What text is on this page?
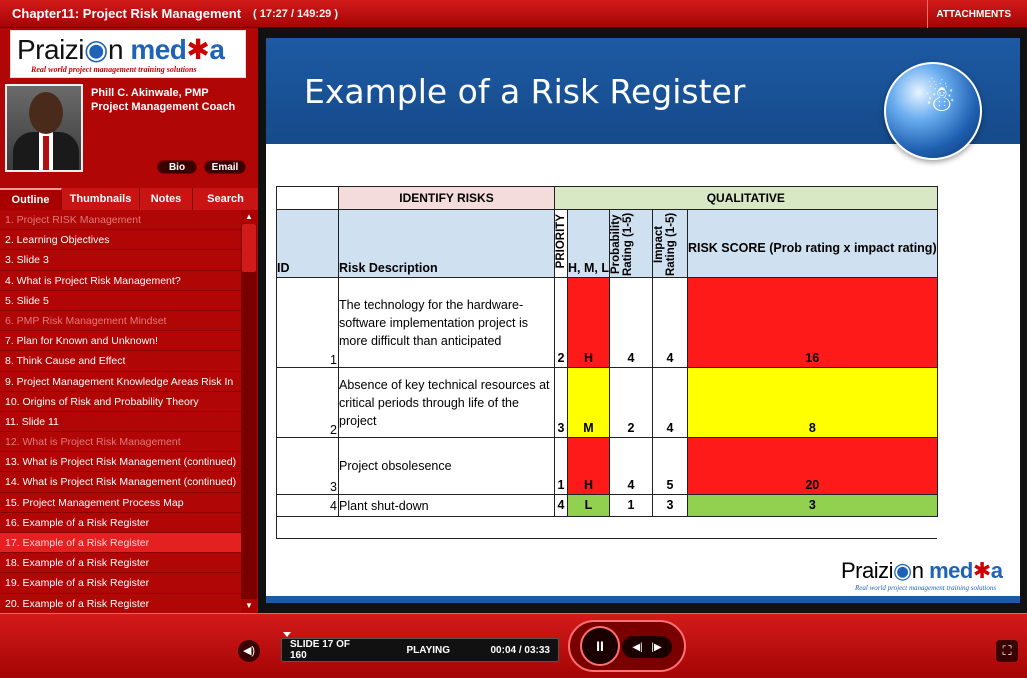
Chapter11: Project Risk Management ( 17:27 / 149:29 )	ATTACHMENTS
Praizi◉n med✱a
Real world project management training solutions
Phill C. Akinwale, PMP
Project Management Coach
Bio	Email
Outline	Thumbnails	Notes	Search
1. Project RISK Management
2. Learning Objectives
3. Slide 3
4. What is Project Risk Management?
5. Slide 5
6. PMP Risk Management Mindset
7. Plan for Known and Unknown!
8. Think Cause and Effect
9. Project Management Knowledge Areas Risk In
10. Origins of Risk and Probability Theory
11. Slide 11
12. What is Project Risk Management
13. What is Project Risk Management (continued)
14. What is Project Risk Management (continued)
15. Project Management Process Map
16. Example of a Risk Register
17. Example of a Risk Register
18. Example of a Risk Register
19. Example of a Risk Register
20. Example of a Risk Register
▲
▼
Example of a Risk Register	☃
	IDENTIFY RISKS	QUALITATIVE				
ID	Risk Description	PRIORITY	H, M, L	Probability Rating (1-5)	Impact Rating (1-5)	RISK SCORE (Prob rating x impact rating)
1	The technology for the hardware-software implementation project is more difficult than anticipated	2	H	4	4	16
2	Absence of key technical resources at critical periods through life of the project	3	M	2	4	8
3	Project obsolesence	1	H	4	5	20
4	Plant shut-down	4	L	1	3	3

Praizi◉n med✱a
Real world project management training solutions
◀)
SLIDE 17 OF 160	PLAYING	00:04 / 03:33	II	◀| |▶	⛶
